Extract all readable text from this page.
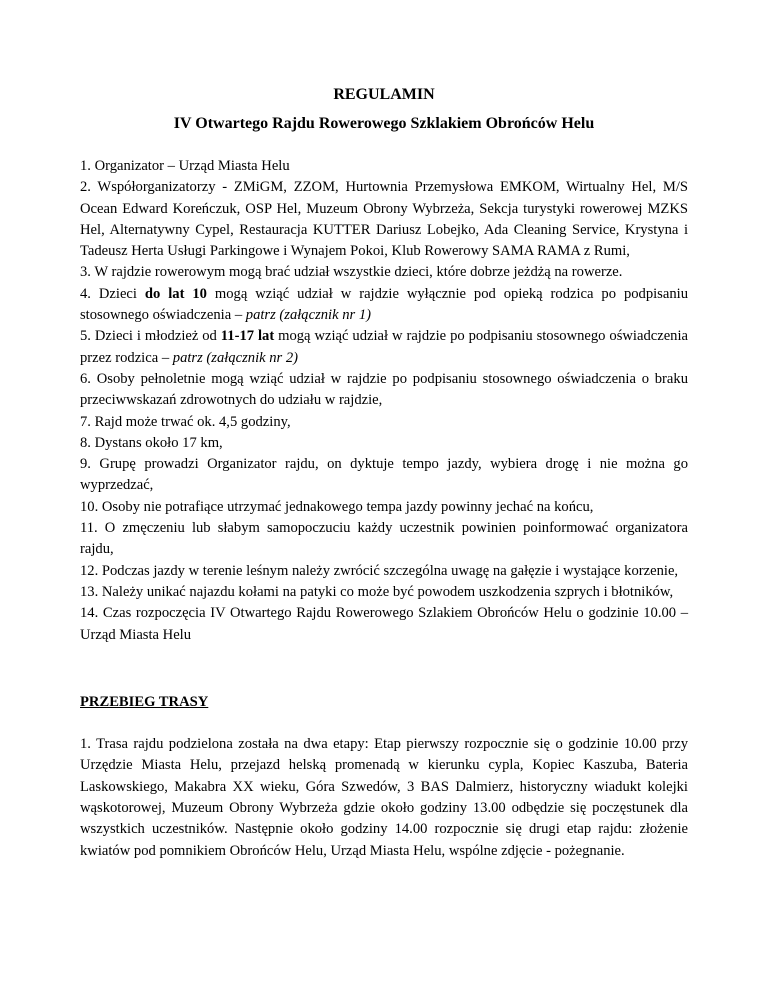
REGULAMIN
IV Otwartego Rajdu Rowerowego Szklakiem Obrońców Helu

1. Organizator – Urząd Miasta Helu

2. Współorganizatorzy - ZMiGM, ZZOM, Hurtownia Przemysłowa EMKOM, Wirtualny Hel, M/S Ocean Edward Koreńczuk, OSP Hel, Muzeum Obrony Wybrzeża, Sekcja turystyki rowerowej MZKS Hel, Alternatywny Cypel, Restauracja KUTTER Dariusz Lobejko, Ada Cleaning Service, Krystyna i Tadeusz Herta Usługi Parkingowe i Wynajem Pokoi, Klub Rowerowy SAMA RAMA z Rumi,

3. W rajdzie rowerowym mogą brać udział wszystkie dzieci, które dobrze jeżdżą na rowerze.

4. Dzieci do lat 10 mogą wziąć udział w rajdzie wyłącznie pod opieką rodzica po podpisaniu stosownego oświadczenia – patrz (załącznik nr 1)

5. Dzieci i młodzież od 11-17 lat mogą wziąć udział w rajdzie po podpisaniu stosownego oświadczenia przez rodzica – patrz (załącznik nr 2)

6. Osoby pełnoletnie mogą wziąć udział w rajdzie po podpisaniu stosownego oświadczenia o braku przeciwwskazań zdrowotnych do udziału w rajdzie,

7. Rajd może trwać ok. 4,5 godziny,

8. Dystans około 17 km,

9. Grupę prowadzi Organizator rajdu, on dyktuje tempo jazdy, wybiera drogę i nie można go wyprzedzać,

10. Osoby nie potrafiące utrzymać jednakowego tempa jazdy powinny jechać na końcu,

11. O zmęczeniu lub słabym samopoczuciu każdy uczestnik powinien poinformować organizatora rajdu,

12. Podczas jazdy w terenie leśnym należy zwrócić szczególna uwagę na gałęzie i wystające korzenie,

13. Należy unikać najazdu kołami na patyki co może być powodem uszkodzenia szprych i błotników,

14. Czas rozpoczęcia IV Otwartego Rajdu Rowerowego Szlakiem Obrońców Helu o godzinie 10.00 – Urząd Miasta Helu

PRZEBIEG TRASY

1. Trasa rajdu podzielona została na dwa etapy: Etap pierwszy rozpocznie się o godzinie 10.00 przy Urzędzie Miasta Helu, przejazd helską promenadą w kierunku cypla, Kopiec Kaszuba, Bateria Laskowskiego, Makabra XX wieku, Góra Szwedów, 3 BAS Dalmierz, historyczny wiadukt kolejki wąskotorowej, Muzeum Obrony Wybrzeża gdzie około godziny 13.00 odbędzie się poczęstunek dla wszystkich uczestników. Następnie około godziny 14.00 rozpocznie się drugi etap rajdu: złożenie kwiatów pod pomnikiem Obrońców Helu, Urząd Miasta Helu, wspólne zdjęcie - pożegnanie.
